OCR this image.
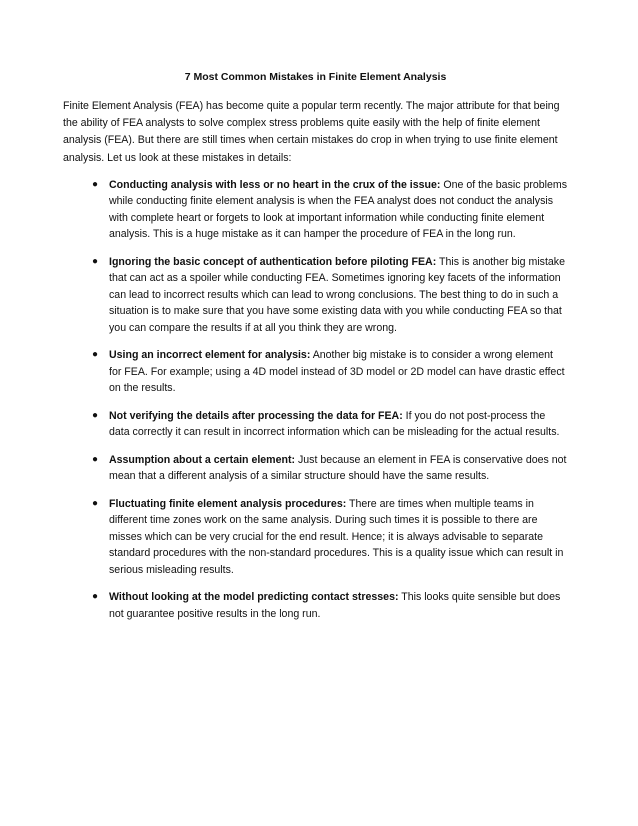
7 Most Common Mistakes in Finite Element Analysis

Finite Element Analysis (FEA) has become quite a popular term recently. The major attribute for that being the ability of FEA analysts to solve complex stress problems quite easily with the help of finite element analysis (FEA). But there are still times when certain mistakes do crop in when trying to use finite element analysis. Let us look at these mistakes in details:

● Conducting analysis with less or no heart in the crux of the issue: One of the basic problems while conducting finite element analysis is when the FEA analyst does not conduct the analysis with complete heart or forgets to look at important information while conducting finite element analysis. This is a huge mistake as it can hamper the procedure of FEA in the long run.
● Ignoring the basic concept of authentication before piloting FEA: This is another big mistake that can act as a spoiler while conducting FEA. Sometimes ignoring key facets of the information can lead to incorrect results which can lead to wrong conclusions. The best thing to do in such a situation is to make sure that you have some existing data with you while conducting FEA so that you can compare the results if at all you think they are wrong.
● Using an incorrect element for analysis: Another big mistake is to consider a wrong element for FEA. For example; using a 4D model instead of 3D model or 2D model can have drastic effect on the results.
● Not verifying the details after processing the data for FEA: If you do not post-process the data correctly it can result in incorrect information which can be misleading for the actual results.
● Assumption about a certain element: Just because an element in FEA is conservative does not mean that a different analysis of a similar structure should have the same results.
● Fluctuating finite element analysis procedures: There are times when multiple teams in different time zones work on the same analysis. During such times it is possible to there are misses which can be very crucial for the end result. Hence; it is always advisable to separate standard procedures with the non-standard procedures. This is a quality issue which can result in serious misleading results.
● Without looking at the model predicting contact stresses: This looks quite sensible but does not guarantee positive results in the long run.
